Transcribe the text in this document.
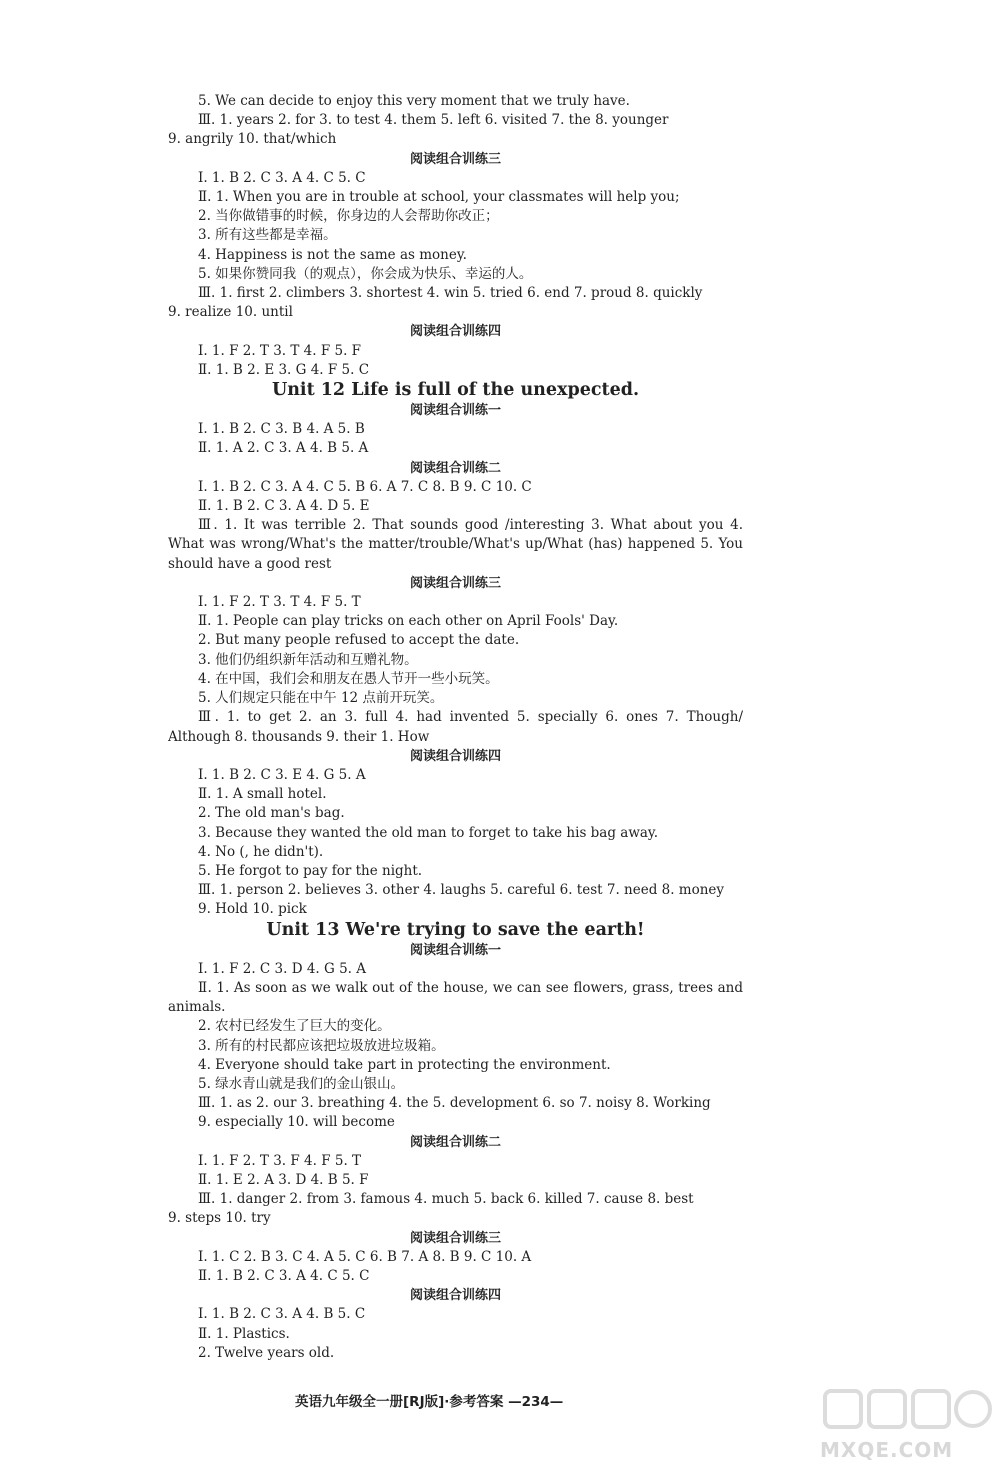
5. We can decide to enjoy this very moment that we truly have.
Ⅲ. 1. years 2. for 3. to test 4. them 5. left 6. visited 7. the 8. younger
9. angrily 10. that/which
阅读组合训练三
Ⅰ. 1. B 2. C 3. A 4. C 5. C
Ⅱ. 1. When you are in trouble at school, your classmates will help you;
2. 当你做错事的时候，你身边的人会帮助你改正；
3. 所有这些都是幸福。
4. Happiness is not the same as money.
5. 如果你赞同我（的观点），你会成为快乐、幸运的人。
Ⅲ. 1. first 2. climbers 3. shortest 4. win 5. tried 6. end 7. proud 8. quickly
9. realize 10. until
阅读组合训练四
Ⅰ. 1. F 2. T 3. T 4. F 5. F
Ⅱ. 1. B 2. E 3. G 4. F 5. C
Unit 12 Life is full of the unexpected.
阅读组合训练一
Ⅰ. 1. B 2. C 3. B 4. A 5. B
Ⅱ. 1. A 2. C 3. A 4. B 5. A
阅读组合训练二
Ⅰ. 1. B 2. C 3. A 4. C 5. B 6. A 7. C 8. B 9. C 10. C
Ⅱ. 1. B 2. C 3. A 4. D 5. E
Ⅲ. 1. It was terrible 2. That sounds good /interesting 3. What about you 4. What was wrong/What's the matter/trouble/What's up/What (has) happened 5. You should have a good rest
阅读组合训练三
Ⅰ. 1. F 2. T 3. T 4. F 5. T
Ⅱ. 1. People can play tricks on each other on April Fools' Day.
2. But many people refused to accept the date.
3. 他们仍组织新年活动和互赠礼物。
4. 在中国，我们会和朋友在愚人节开一些小玩笑。
5. 人们规定只能在中午 12 点前开玩笑。
Ⅲ. 1. to get 2. an 3. full 4. had invented 5. specially 6. ones 7. Though/ Although 8. thousands 9. their 1. How
阅读组合训练四
Ⅰ. 1. B 2. C 3. E 4. G 5. A
Ⅱ. 1. A small hotel.
2. The old man's bag.
3. Because they wanted the old man to forget to take his bag away.
4. No (, he didn't).
5. He forgot to pay for the night.
Ⅲ. 1. person 2. believes 3. other 4. laughs 5. careful 6. test 7. need 8. money
9. Hold 10. pick
Unit 13 We're trying to save the earth!
阅读组合训练一
Ⅰ. 1. F 2. C 3. D 4. G 5. A
Ⅱ. 1. As soon as we walk out of the house, we can see flowers, grass, trees and animals.
2. 农村已经发生了巨大的变化。
3. 所有的村民都应该把垃圾放进垃圾箱。
4. Everyone should take part in protecting the environment.
5. 绿水青山就是我们的金山银山。
Ⅲ. 1. as 2. our 3. breathing 4. the 5. development 6. so 7. noisy 8. Working
9. especially 10. will become
阅读组合训练二
Ⅰ. 1. F 2. T 3. F 4. F 5. T
Ⅱ. 1. E 2. A 3. D 4. B 5. F
Ⅲ. 1. danger 2. from 3. famous 4. much 5. back 6. killed 7. cause 8. best
9. steps 10. try
阅读组合训练三
Ⅰ. 1. C 2. B 3. C 4. A 5. C 6. B 7. A 8. B 9. C 10. A
Ⅱ. 1. B 2. C 3. A 4. C 5. C
阅读组合训练四
Ⅰ. 1. B 2. C 3. A 4. B 5. C
Ⅱ. 1. Plastics.
2. Twelve years old.
英语九年级全一册[RJ版]·参考答案 —234—
MXQE.COM
